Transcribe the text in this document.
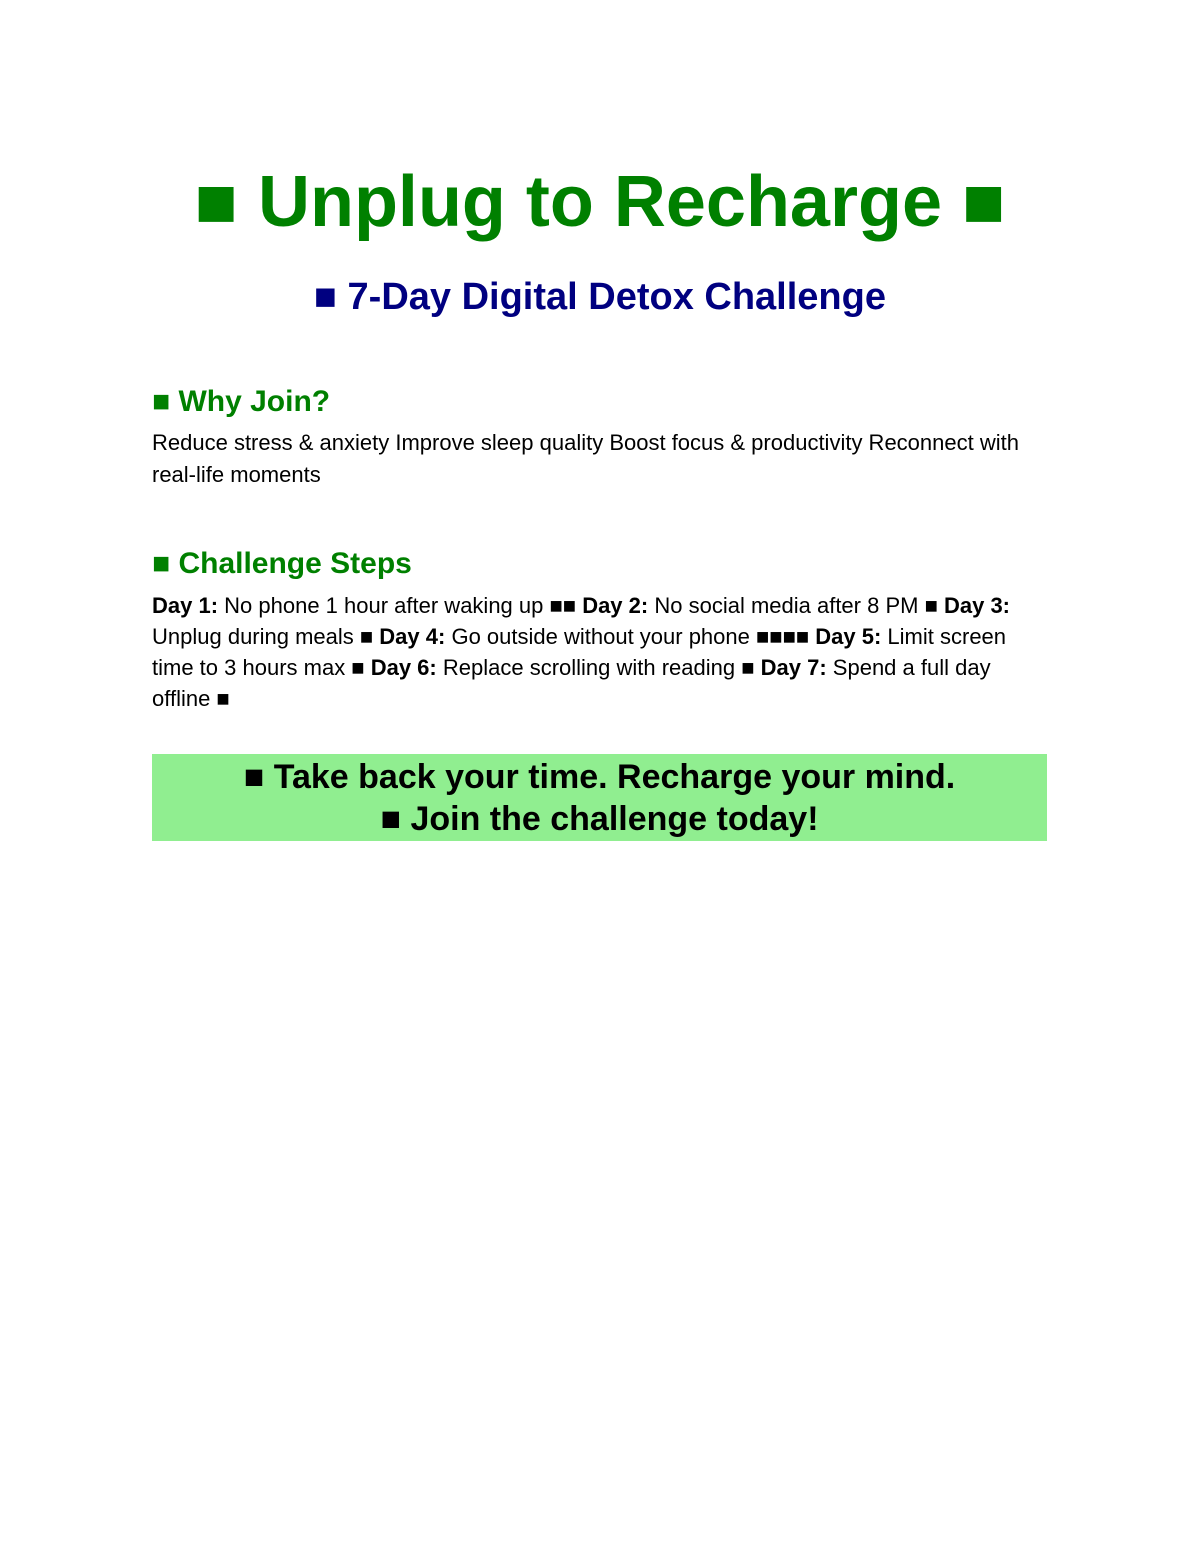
■ Unplug to Recharge ■
■ 7-Day Digital Detox Challenge
■ Why Join?
Reduce stress & anxiety Improve sleep quality Boost focus & productivity Reconnect with real-life moments
■ Challenge Steps
Day 1: No phone 1 hour after waking up ■■ Day 2: No social media after 8 PM ■ Day 3: Unplug during meals ■ Day 4: Go outside without your phone ■■■■ Day 5: Limit screen time to 3 hours max ■ Day 6: Replace scrolling with reading ■ Day 7: Spend a full day offline ■
■ Take back your time. Recharge your mind.
■ Join the challenge today!
